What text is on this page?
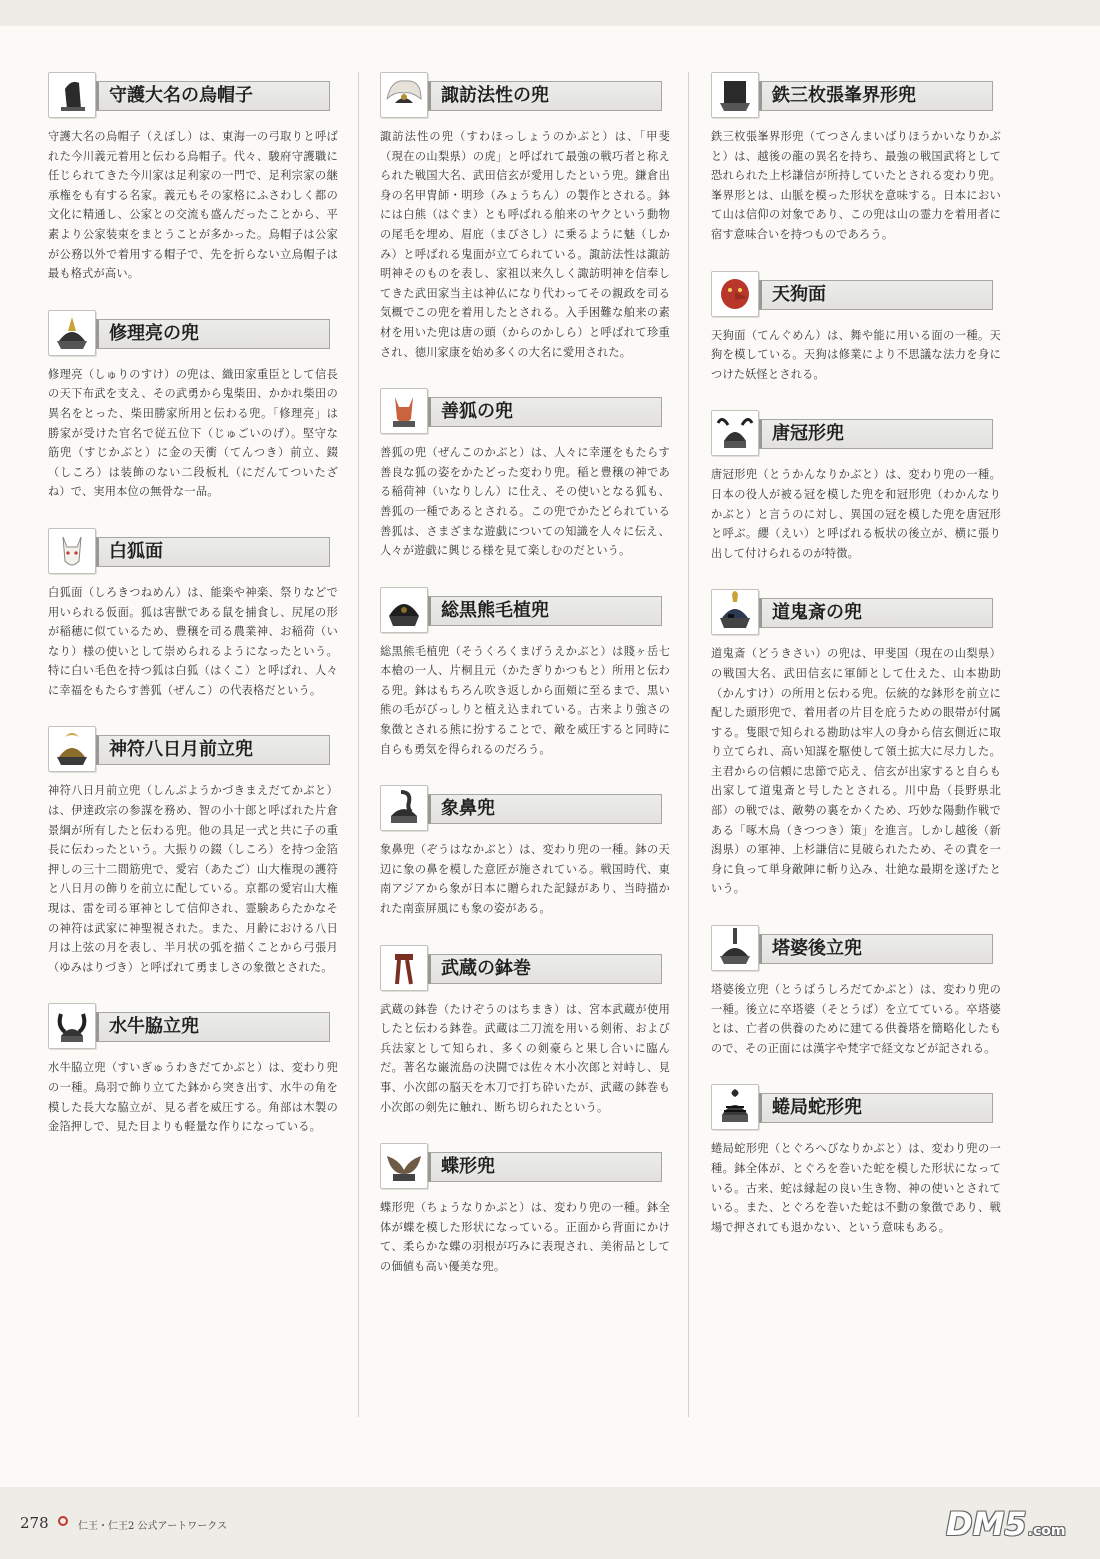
守護大名の烏帽子

守護大名の烏帽子（えぼし）は、東海一の弓取りと呼ばれた今川義元着用と伝わる烏帽子。代々、駿府守護職に任じられてきた今川家は足利家の一門で、足利宗家の継承権をも有する名家。義元もその家格にふさわしく都の文化に精通し、公家との交流も盛んだったことから、平素より公家装束をまとうことが多かった。烏帽子は公家が公務以外で着用する帽子で、先を折らない立烏帽子は最も格式が高い。

修理亮の兜

修理亮（しゅりのすけ）の兜は、織田家重臣として信長の天下布武を支え、その武勇から鬼柴田、かかれ柴田の異名をとった、柴田勝家所用と伝わる兜。「修理亮」は勝家が受けた官名で従五位下（じゅごいのげ）。堅守な筋兜（すじかぶと）に金の天衝（てんつき）前立、錣（しころ）は装飾のない二段板札（にだんてついたざね）で、実用本位の無骨な一品。

白狐面

白狐面（しろきつねめん）は、能楽や神楽、祭りなどで用いられる仮面。狐は害獣である鼠を捕食し、尻尾の形が稲穂に似ているため、豊穣を司る農業神、お稲荷（いなり）様の使いとして崇められるようになったという。特に白い毛色を持つ狐は白狐（はくこ）と呼ばれ、人々に幸福をもたらす善狐（ぜんこ）の代表格だという。

神符八日月前立兜

神符八日月前立兜（しんぷようかづきまえだてかぶと）は、伊達政宗の参謀を務め、智の小十郎と呼ばれた片倉景綱が所有したと伝わる兜。他の具足一式と共に子の重長に伝わったという。大振りの錣（しころ）を持つ金箔押しの三十二間筋兜で、愛宕（あたご）山大権現の護符と八日月の飾りを前立に配している。京都の愛宕山大権現は、雷を司る軍神として信仰され、霊験あらたかなその神符は武家に神聖視された。また、月齢における八日月は上弦の月を表し、半月状の弧を描くことから弓張月（ゆみはりづき）と呼ばれて勇ましさの象徴とされた。

水牛脇立兜

水牛脇立兜（すいぎゅうわきだてかぶと）は、変わり兜の一種。鳥羽で飾り立てた鉢から突き出す、水牛の角を模した長大な脇立が、見る者を威圧する。角部は木製の金箔押しで、見た目よりも軽量な作りになっている。

諏訪法性の兜

諏訪法性の兜（すわほっしょうのかぶと）は、「甲斐（現在の山梨県）の虎」と呼ばれて最強の戦巧者と称えられた戦国大名、武田信玄が愛用したという兜。鎌倉出身の名甲冑師・明珍（みょうちん）の製作とされる。鉢には白熊（はぐま）とも呼ばれる舶来のヤクという動物の尾毛を埋め、眉庇（まびさし）に乗るように魅（しかみ）と呼ばれる鬼面が立てられている。諏訪法性は諏訪明神そのものを表し、家祖以来久しく諏訪明神を信奉してきた武田家当主は神仏になり代わってその親政を司る気概でこの兜を着用したとされる。入手困難な舶来の素材を用いた兜は唐の頭（からのかしら）と呼ばれて珍重され、徳川家康を始め多くの大名に愛用された。

善狐の兜

善狐の兜（ぜんこのかぶと）は、人々に幸運をもたらす善良な狐の姿をかたどった変わり兜。稲と豊穣の神である稲荷神（いなりしん）に仕え、その使いとなる狐も、善狐の一種であるとされる。この兜でかたどられている善狐は、さまざまな遊戯についての知識を人々に伝え、人々が遊戯に興じる様を見て楽しむのだという。

総黒熊毛植兜

総黒熊毛植兜（そうくろくまげうえかぶと）は賤ヶ岳七本槍の一人、片桐且元（かたぎりかつもと）所用と伝わる兜。鉢はもちろん吹き返しから面頬に至るまで、黒い熊の毛がびっしりと植え込まれている。古来より強さの象徴とされる熊に扮することで、敵を威圧すると同時に自らも勇気を得られるのだろう。

象鼻兜

象鼻兜（ぞうはなかぶと）は、変わり兜の一種。鉢の天辺に象の鼻を模した意匠が施されている。戦国時代、東南アジアから象が日本に贈られた記録があり、当時描かれた南蛮屏風にも象の姿がある。

武蔵の鉢巻

武蔵の鉢巻（たけぞうのはちまき）は、宮本武蔵が使用したと伝わる鉢巻。武蔵は二刀流を用いる剣術、および兵法家として知られ、多くの剣豪らと果し合いに臨んだ。著名な巌流島の決闘では佐々木小次郎と対峙し、見事、小次郎の脳天を木刀で打ち砕いたが、武蔵の鉢巻も小次郎の剣先に触れ、断ち切られたという。

蝶形兜

蝶形兜（ちょうなりかぶと）は、変わり兜の一種。鉢全体が蝶を模した形状になっている。正面から背面にかけて、柔らかな蝶の羽根が巧みに表現され、美術品としての価値も高い優美な兜。

鉄三枚張峯界形兜

鉄三枚張峯界形兜（てつさんまいばりほうかいなりかぶと）は、越後の龍の異名を持ち、最強の戦国武将として恐れられた上杉謙信が所持していたとされる変わり兜。峯界形とは、山脈を模った形状を意味する。日本において山は信仰の対象であり、この兜は山の霊力を着用者に宿す意味合いを持つものであろう。

天狗面

天狗面（てんぐめん）は、舞や能に用いる面の一種。天狗を模している。天狗は修業により不思議な法力を身につけた妖怪とされる。

唐冠形兜

唐冠形兜（とうかんなりかぶと）は、変わり兜の一種。日本の役人が被る冠を模した兜を和冠形兜（わかんなりかぶと）と言うのに対し、異国の冠を模した兜を唐冠形と呼ぶ。纓（えい）と呼ばれる板状の後立が、横に張り出して付けられるのが特徴。

道鬼斎の兜

道鬼斎（どうきさい）の兜は、甲斐国（現在の山梨県）の戦国大名、武田信玄に軍師として仕えた、山本勘助（かんすけ）の所用と伝わる兜。伝統的な鉢形を前立に配した頭形兜で、着用者の片目を庇うための眼帯が付属する。隻眼で知られる勘助は牢人の身から信玄側近に取り立てられ、高い知謀を駆使して領土拡大に尽力した。主君からの信頼に忠節で応え、信玄が出家すると自らも出家して道鬼斎と号したとされる。川中島（長野県北部）の戦では、敵勢の裏をかくため、巧妙な陽動作戦である「啄木鳥（きつつき）策」を進言。しかし越後（新潟県）の軍神、上杉謙信に見破られたため、その責を一身に負って単身敵陣に斬り込み、壮絶な最期を遂げたという。

塔婆後立兜

塔婆後立兜（とうばうしろだてかぶと）は、変わり兜の一種。後立に卒塔婆（そとうば）を立てている。卒塔婆とは、亡者の供養のために建てる供養塔を簡略化したもので、その正面には漢字や梵字で経文などが記される。

蜷局蛇形兜

蜷局蛇形兜（とぐろへびなりかぶと）は、変わり兜の一種。鉢全体が、とぐろを巻いた蛇を模した形状になっている。古来、蛇は縁起の良い生き物、神の使いとされている。また、とぐろを巻いた蛇は不動の象徴であり、戦場で押されても退かない、という意味もある。

278 ○ 仁王・仁王2 公式アートワークス	DM5.com
